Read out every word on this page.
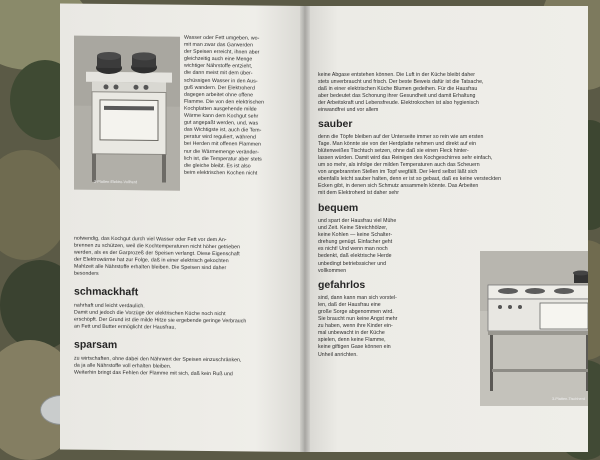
3-Platten-Elektro-Vollherd
Wasser oder Fett umgeben, wo-
mit man zwar das Garwerden
der Speisen erreicht, ihnen aber
gleichzeitig auch eine Menge
wichtiger Nährstoffe entzieht,
die dann meist mit dem über-
schüssigen Wasser in den Aus-
guß wandern. Der Elektroherd
dagegen arbeitet ohne offene
Flamme. Die von den elektrischen
Kochplatten ausgehende milde
Wärme kann dem Kochgut sehr
gut angepaßt werden, und, was
das Wichtigste ist, auch die Tem-
peratur wird reguliert, während
bei Herden mit offenen Flammen
nur die Wärmemenge veränder-
lich ist, die Temperatur aber stets
die gleiche bleibt. Es ist also
beim elektrischen Kochen nicht
notwendig, das Kochgut durch viel Wasser oder Fett vor dem An-
brennen zu schützen, weil die Kochtemperaturen nicht höher getrieben
werden, als es der Garprozeß der Speisen verlangt. Diese Eigenschaft
der Elektrowärme hat zur Folge, daß in einer elektrisch gekochten
Mahlzeit alle Nährstoffe erhalten bleiben. Die Speisen sind daher
besonders
schmackhaft
nahrhaft und leicht verdaulich.
Damit und jedoch die Vorzüge der elektrischen Küche noch nicht
erschöpft. Der Grund ist die milde Hitze sie ergebende geringe Verbrauch
an Fett und Butter ermöglicht der Hausfrau,
sparsam
zu wirtschaften, ohne dabei den Nährwert der Speisen einzuschränken,
da ja alle Nährstoffe voll erhalten bleiben.
Weiterhin bringt das Fehlen der Flamme mit sich, daß kein Ruß und
keine Abgase entstehen können. Die Luft in der Küche bleibt daher
stets unverbraucht und frisch. Der beste Beweis dafür ist die Tatsache,
daß in einer elektrischen Küche Blumen gedeihen. Für die Hausfrau
aber bedeutet das Schonung ihrer Gesundheit und damit Erhaltung
der Arbeitskraft und Lebensfreude. Elektrokochen ist also hygienisch
einwandfrei und vor allem
sauber
denn die Töpfe bleiben auf der Unterseite immer so rein wie am ersten
Tage. Man könnte sie von der Herdplatte nehmen und direkt auf ein
blütenweißes Tischtuch setzen, ohne daß sie einen Fleck hinter-
lassen würden. Damit wird das Reinigen des Kochgeschirres sehr einfach,
um so mehr, als infolge der milden Temperaturen auch das Scheuern
von angebrannten Stellen im Topf wegfällt. Der Herd selbst läßt sich
ebenfalls leicht sauber halten, denn er ist so gebaut, daß es keine versteckten
Ecken gibt, in denen sich Schmutz ansammeln könnte. Das Arbeiten
mit dem Elektroherd ist daher sehr
bequem
und spart der Hausfrau viel Mühe
und Zeit. Keine Streichhölzer,
keine Kohlen — keine Schalter-
drehung genügt. Einfacher geht
es nicht! Und wenn man noch
bedenkt, daß elektrische Herde
unbedingt betriebssicher und
vollkommen
gefahrlos
sind, dann kann man sich vorstel-
len, daß der Hausfrau eine
große Sorge abgenommen wird.
Sie braucht nun keine Angst mehr
zu haben, wenn ihre Kinder ein-
mal unbewacht in der Küche
spielen, denn keine Flamme,
keine giftigen Gase können ein
Unheil anrichten.
3-Platten-Tischherd
